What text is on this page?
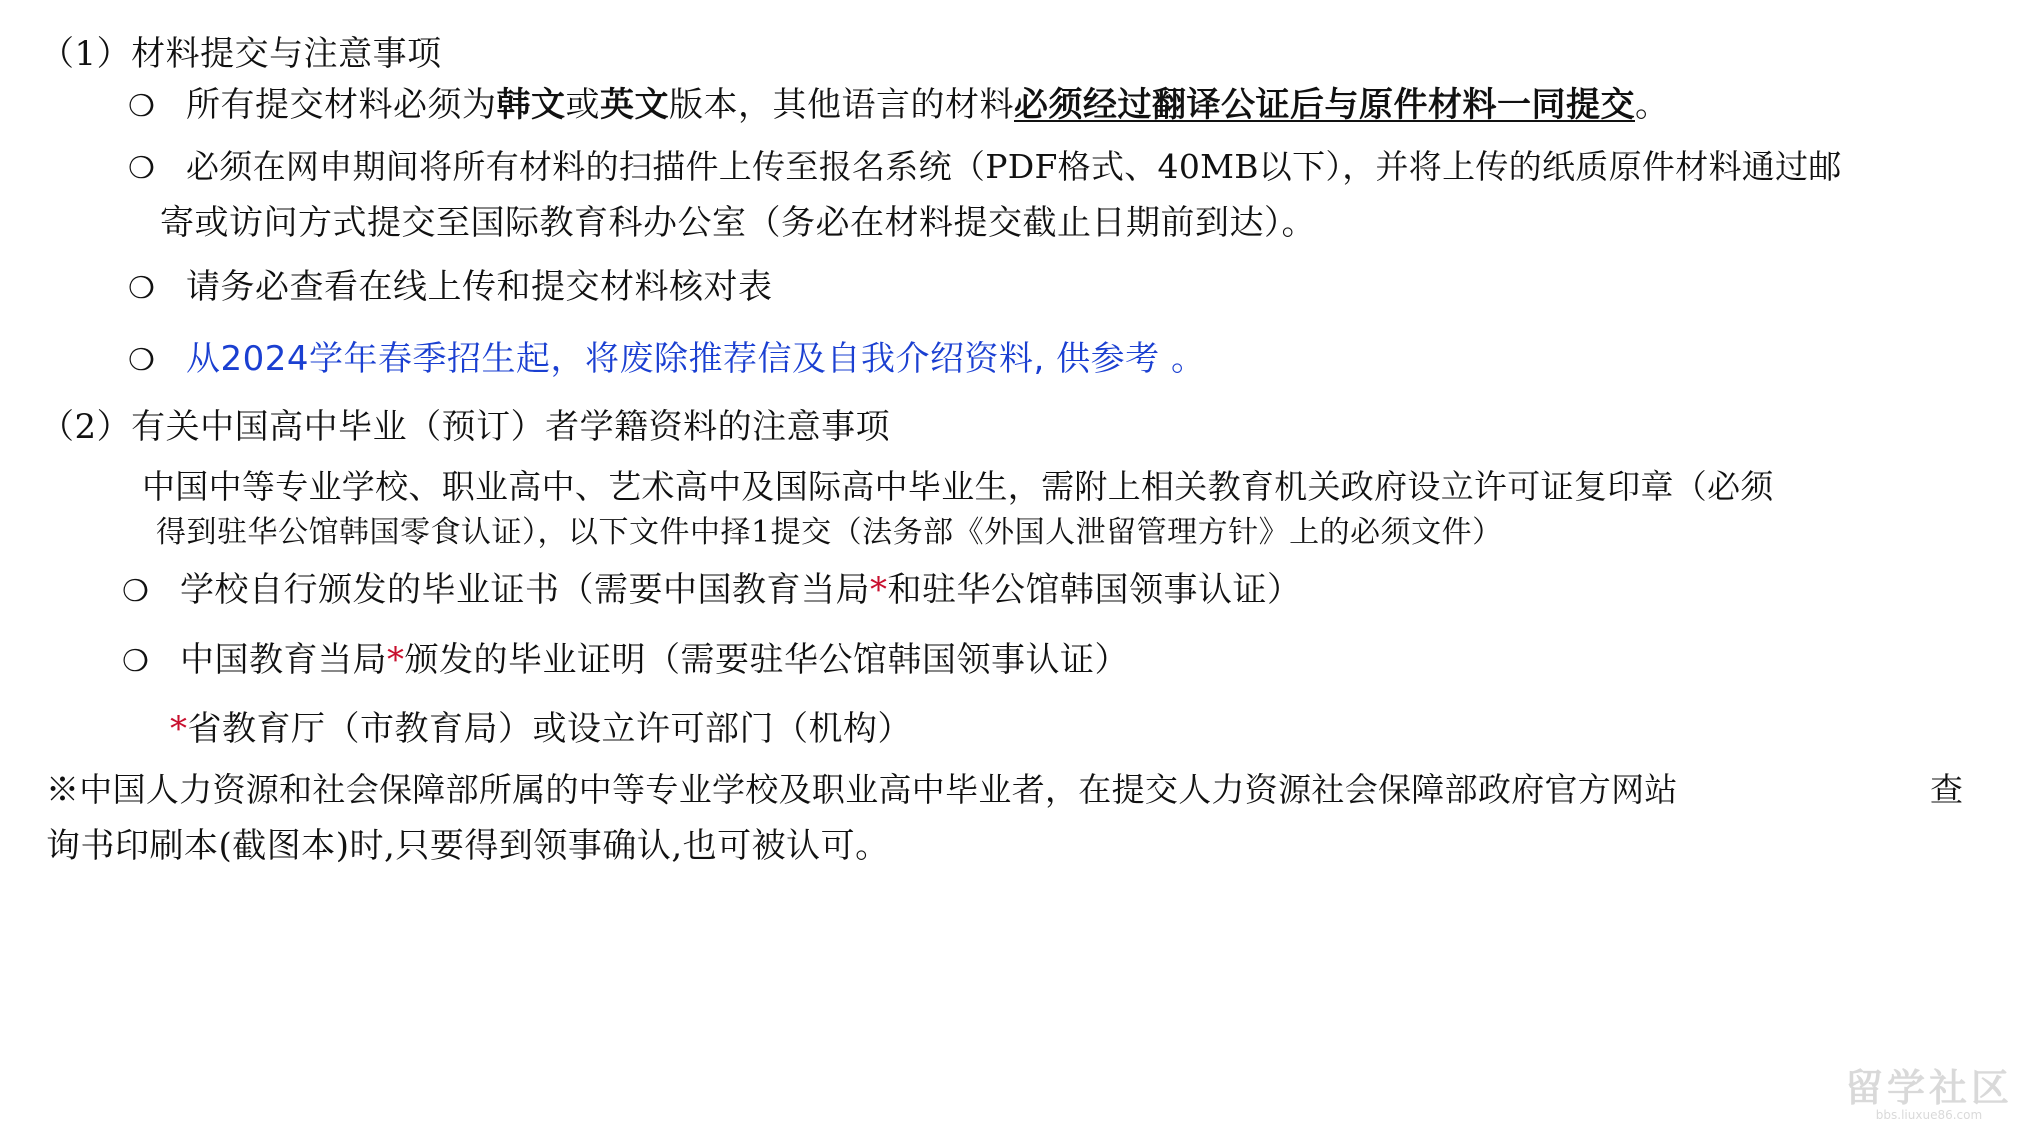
（1）材料提交与注意事项
❍ 所有提交材料必须为韩文或英文版本，其他语言的材料必须经过翻译公证后与原件材料一同提交。
❍ 必须在网申期间将所有材料的扫描件上传至报名系统（PDF格式、40MB以下），并将上传的纸质原件材料通过邮
寄或访问方式提交至国际教育科办公室（务必在材料提交截止日期前到达）。
❍ 请务必查看在线上传和提交材料核对表
❍ 从2024学年春季招生起，将废除推荐信及自我介绍资料, 供参考 。
（2）有关中国高中毕业（预订）者学籍资料的注意事项
中国中等专业学校、职业高中、艺术高中及国际高中毕业生，需附上相关教育机关政府设立许可证复印章（必须
得到驻华公馆韩国零食认证），以下文件中择1提交（法务部《外国人泄留管理方针》上的必须文件）
❍ 学校自行颁发的毕业证书（需要中国教育当局*和驻华公馆韩国领事认证）
❍ 中国教育当局*颁发的毕业证明（需要驻华公馆韩国领事认证）
*省教育厅（市教育局）或设立许可部门（机构）
※中国人力资源和社会保障部所属的中等专业学校及职业高中毕业者，在提交人力资源社会保障部政府官方网站	查
询书印刷本(截图本)时,只要得到领事确认,也可被认可。
留学社区
bbs.liuxue86.com
